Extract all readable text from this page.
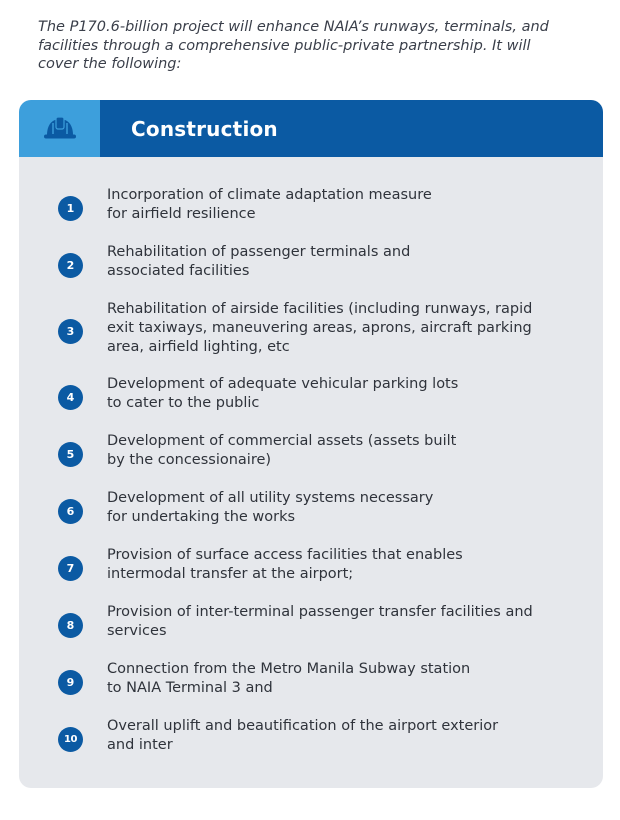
The P170.6-billion project will enhance NAIA’s runways, terminals, and
facilities through a comprehensive public-private partnership. It will
cover the following:

Construction
1

Incorporation of climate adaptation measure
for airfield resilience

2

Rehabilitation of passenger terminals and
associated facilities

3

Rehabilitation of airside facilities (including runways, rapid
exit taxiways, maneuvering areas, aprons, aircraft parking
area, airfield lighting, etc

4

Development of adequate vehicular parking lots
to cater to the public

5

Development of commercial assets (assets built
by the concessionaire)

6

Development of all utility systems necessary
for undertaking the works

7

Provision of surface access facilities that enables
intermodal transfer at the airport;

8

Provision of inter-terminal passenger transfer facilities and
services

9

Connection from the Metro Manila Subway station
to NAIA Terminal 3 and

10

Overall uplift and beautification of the airport exterior
and inter
